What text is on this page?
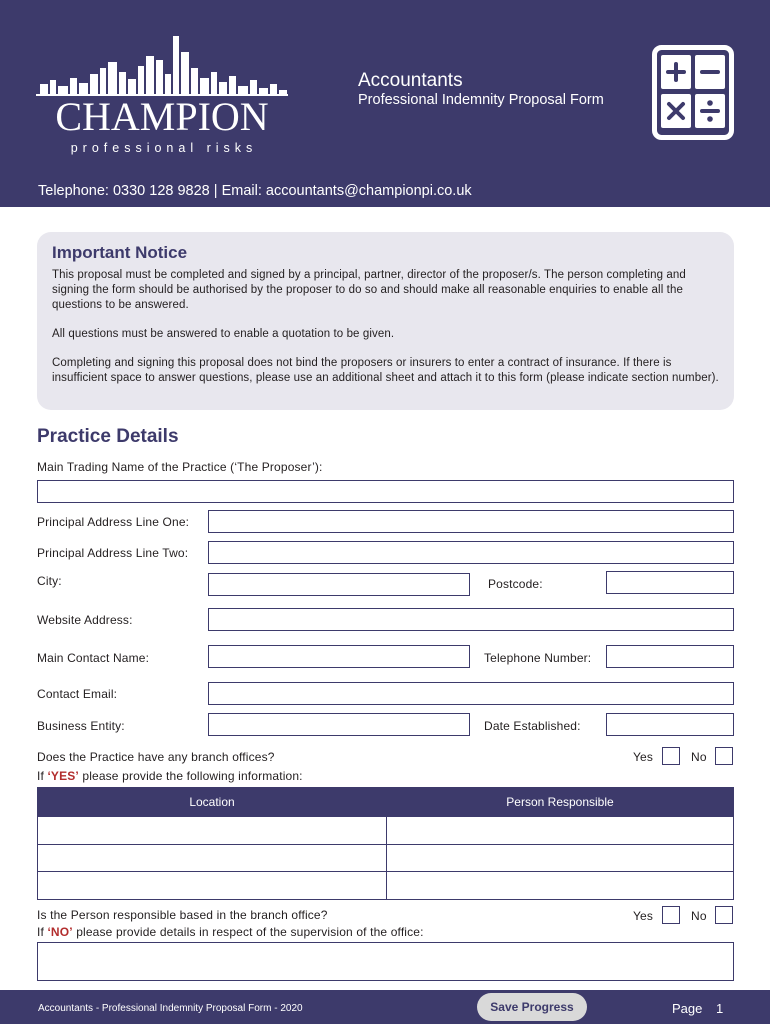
CHAMPION
professional risks
Accountants
Professional Indemnity Proposal Form
Telephone: 0330 128 9828 | Email: accountants@championpi.co.uk
Important Notice

This proposal must be completed and signed by a principal, partner, director of the proposer/s. The person completing and signing the form should be authorised by the proposer to do so and should make all reasonable enquiries to enable all the questions to be answered.

All questions must be answered to enable a quotation to be given.

Completing and signing this proposal does not bind the proposers or insurers to enter a contract of insurance. If there is insufficient space to answer questions, please use an additional sheet and attach it to this form (please indicate section number).

Practice Details
Main Trading Name of the Practice (‘The Proposer’):
Principal Address Line One:
Principal Address Line Two:
City:	Postcode:
Website Address:
Main Contact Name:	Telephone Number:
Contact Email:
Business Entity:	Date Established:
Does the Practice have any branch offices?	Yes	No
If ‘YES’ please provide the following information:
Location	Person Responsible

Is the Person responsible based in the branch office?	Yes	No
If ‘NO’ please provide details in respect of the supervision of the office:
Accountants - Professional Indemnity Proposal Form - 2020	Save Progress	Page 1
